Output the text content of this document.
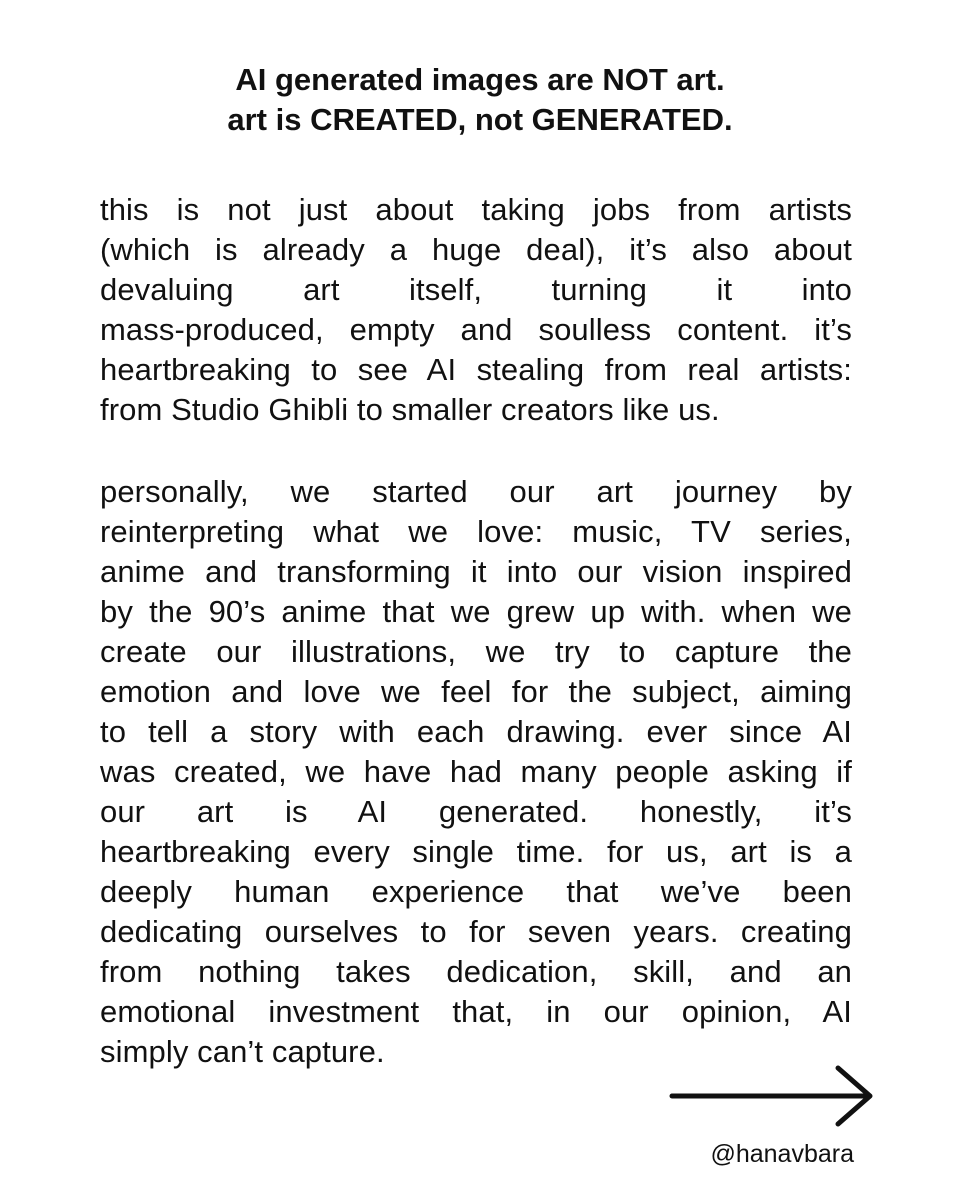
AI generated images are NOT art.
art is CREATED, not GENERATED.

this is not just about taking jobs from artists
(which is already a huge deal), it’s also about
devaluing art itself, turning it into
mass-produced, empty and soulless content. it’s
heartbreaking to see AI stealing from real artists:
from Studio Ghibli to smaller creators like us.

personally, we started our art journey by
reinterpreting what we love: music, TV series,
anime and transforming it into our vision inspired
by the 90’s anime that we grew up with. when we
create our illustrations, we try to capture the
emotion and love we feel for the subject, aiming
to tell a story with each drawing. ever since AI
was created, we have had many people asking if
our art is AI generated. honestly, it’s
heartbreaking every single time. for us, art is a
deeply human experience that we’ve been
dedicating ourselves to for seven years. creating
from nothing takes dedication, skill, and an
emotional investment that, in our opinion, AI
simply can’t capture.

@hanavbara
